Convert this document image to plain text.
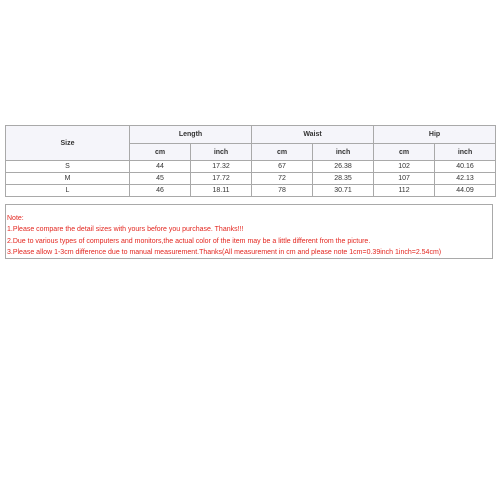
Size	Length		Waist		Hip	
	cm	inch	cm	inch	cm	inch
S	44	17.32	67	26.38	102	40.16
M	45	17.72	72	28.35	107	42.13
L	46	18.11	78	30.71	112	44.09
Note:
1.Please compare the detail sizes with yours before you purchase. Thanks!!!
2.Due to various types of computers and monitors,the actual color of the item may be a little different from the picture.
3.Please allow 1-3cm difference due to manual measurement.Thanks(All measurement in cm and please note 1cm=0.39inch 1inch=2.54cm)
